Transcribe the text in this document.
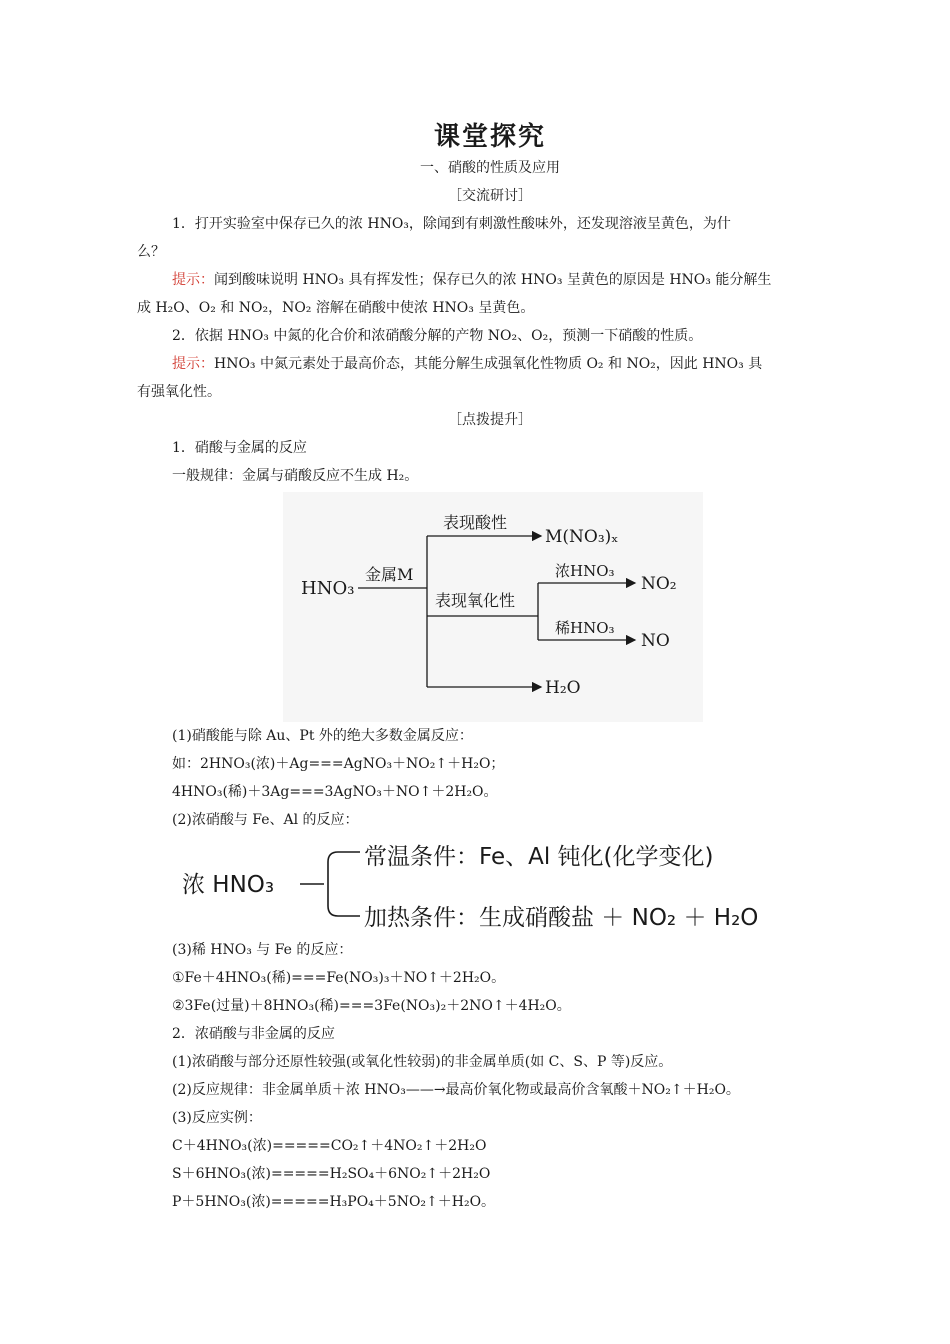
课堂探究
一、硝酸的性质及应用
［交流研讨］
1．打开实验室中保存已久的浓 HNO₃，除闻到有刺激性酸味外，还发现溶液呈黄色，为什
么？
提示：闻到酸味说明 HNO₃ 具有挥发性；保存已久的浓 HNO₃ 呈黄色的原因是 HNO₃ 能分解生
成 H₂O、O₂ 和 NO₂，NO₂ 溶解在硝酸中使浓 HNO₃ 呈黄色。
2．依据 HNO₃ 中氮的化合价和浓硝酸分解的产物 NO₂、O₂，预测一下硝酸的性质。
提示：HNO₃ 中氮元素处于最高价态，其能分解生成强氧化性物质 O₂ 和 NO₂，因此 HNO₃ 具
有强氧化性。
［点拨提升］
1．硝酸与金属的反应
一般规律：金属与硝酸反应不生成 H₂。
HNO₃
金属M
表现酸性
M(NO₃)ₓ
表现氧化性
浓HNO₃
NO₂
稀HNO₃
NO
H₂O
(1)硝酸能与除 Au、Pt 外的绝大多数金属反应：
如：2HNO₃(浓)＋Ag===AgNO₃＋NO₂↑＋H₂O；
4HNO₃(稀)＋3Ag===3AgNO₃＋NO↑＋2H₂O。
(2)浓硝酸与 Fe、Al 的反应：
浓 HNO₃
常温条件：Fe、Al 钝化(化学变化)
加热条件：生成硝酸盐 ＋ NO₂ ＋ H₂O
(3)稀 HNO₃ 与 Fe 的反应：
①Fe＋4HNO₃(稀)===Fe(NO₃)₃＋NO↑＋2H₂O。
②3Fe(过量)＋8HNO₃(稀)===3Fe(NO₃)₂＋2NO↑＋4H₂O。
2．浓硝酸与非金属的反应
(1)浓硝酸与部分还原性较强(或氧化性较弱)的非金属单质(如 C、S、P 等)反应。
(2)反应规律：非金属单质＋浓 HNO₃——→最高价氧化物或最高价含氧酸＋NO₂↑＋H₂O。
(3)反应实例：
C＋4HNO₃(浓)=====CO₂↑＋4NO₂↑＋2H₂O
S＋6HNO₃(浓)=====H₂SO₄＋6NO₂↑＋2H₂O
P＋5HNO₃(浓)=====H₃PO₄＋5NO₂↑＋H₂O。
